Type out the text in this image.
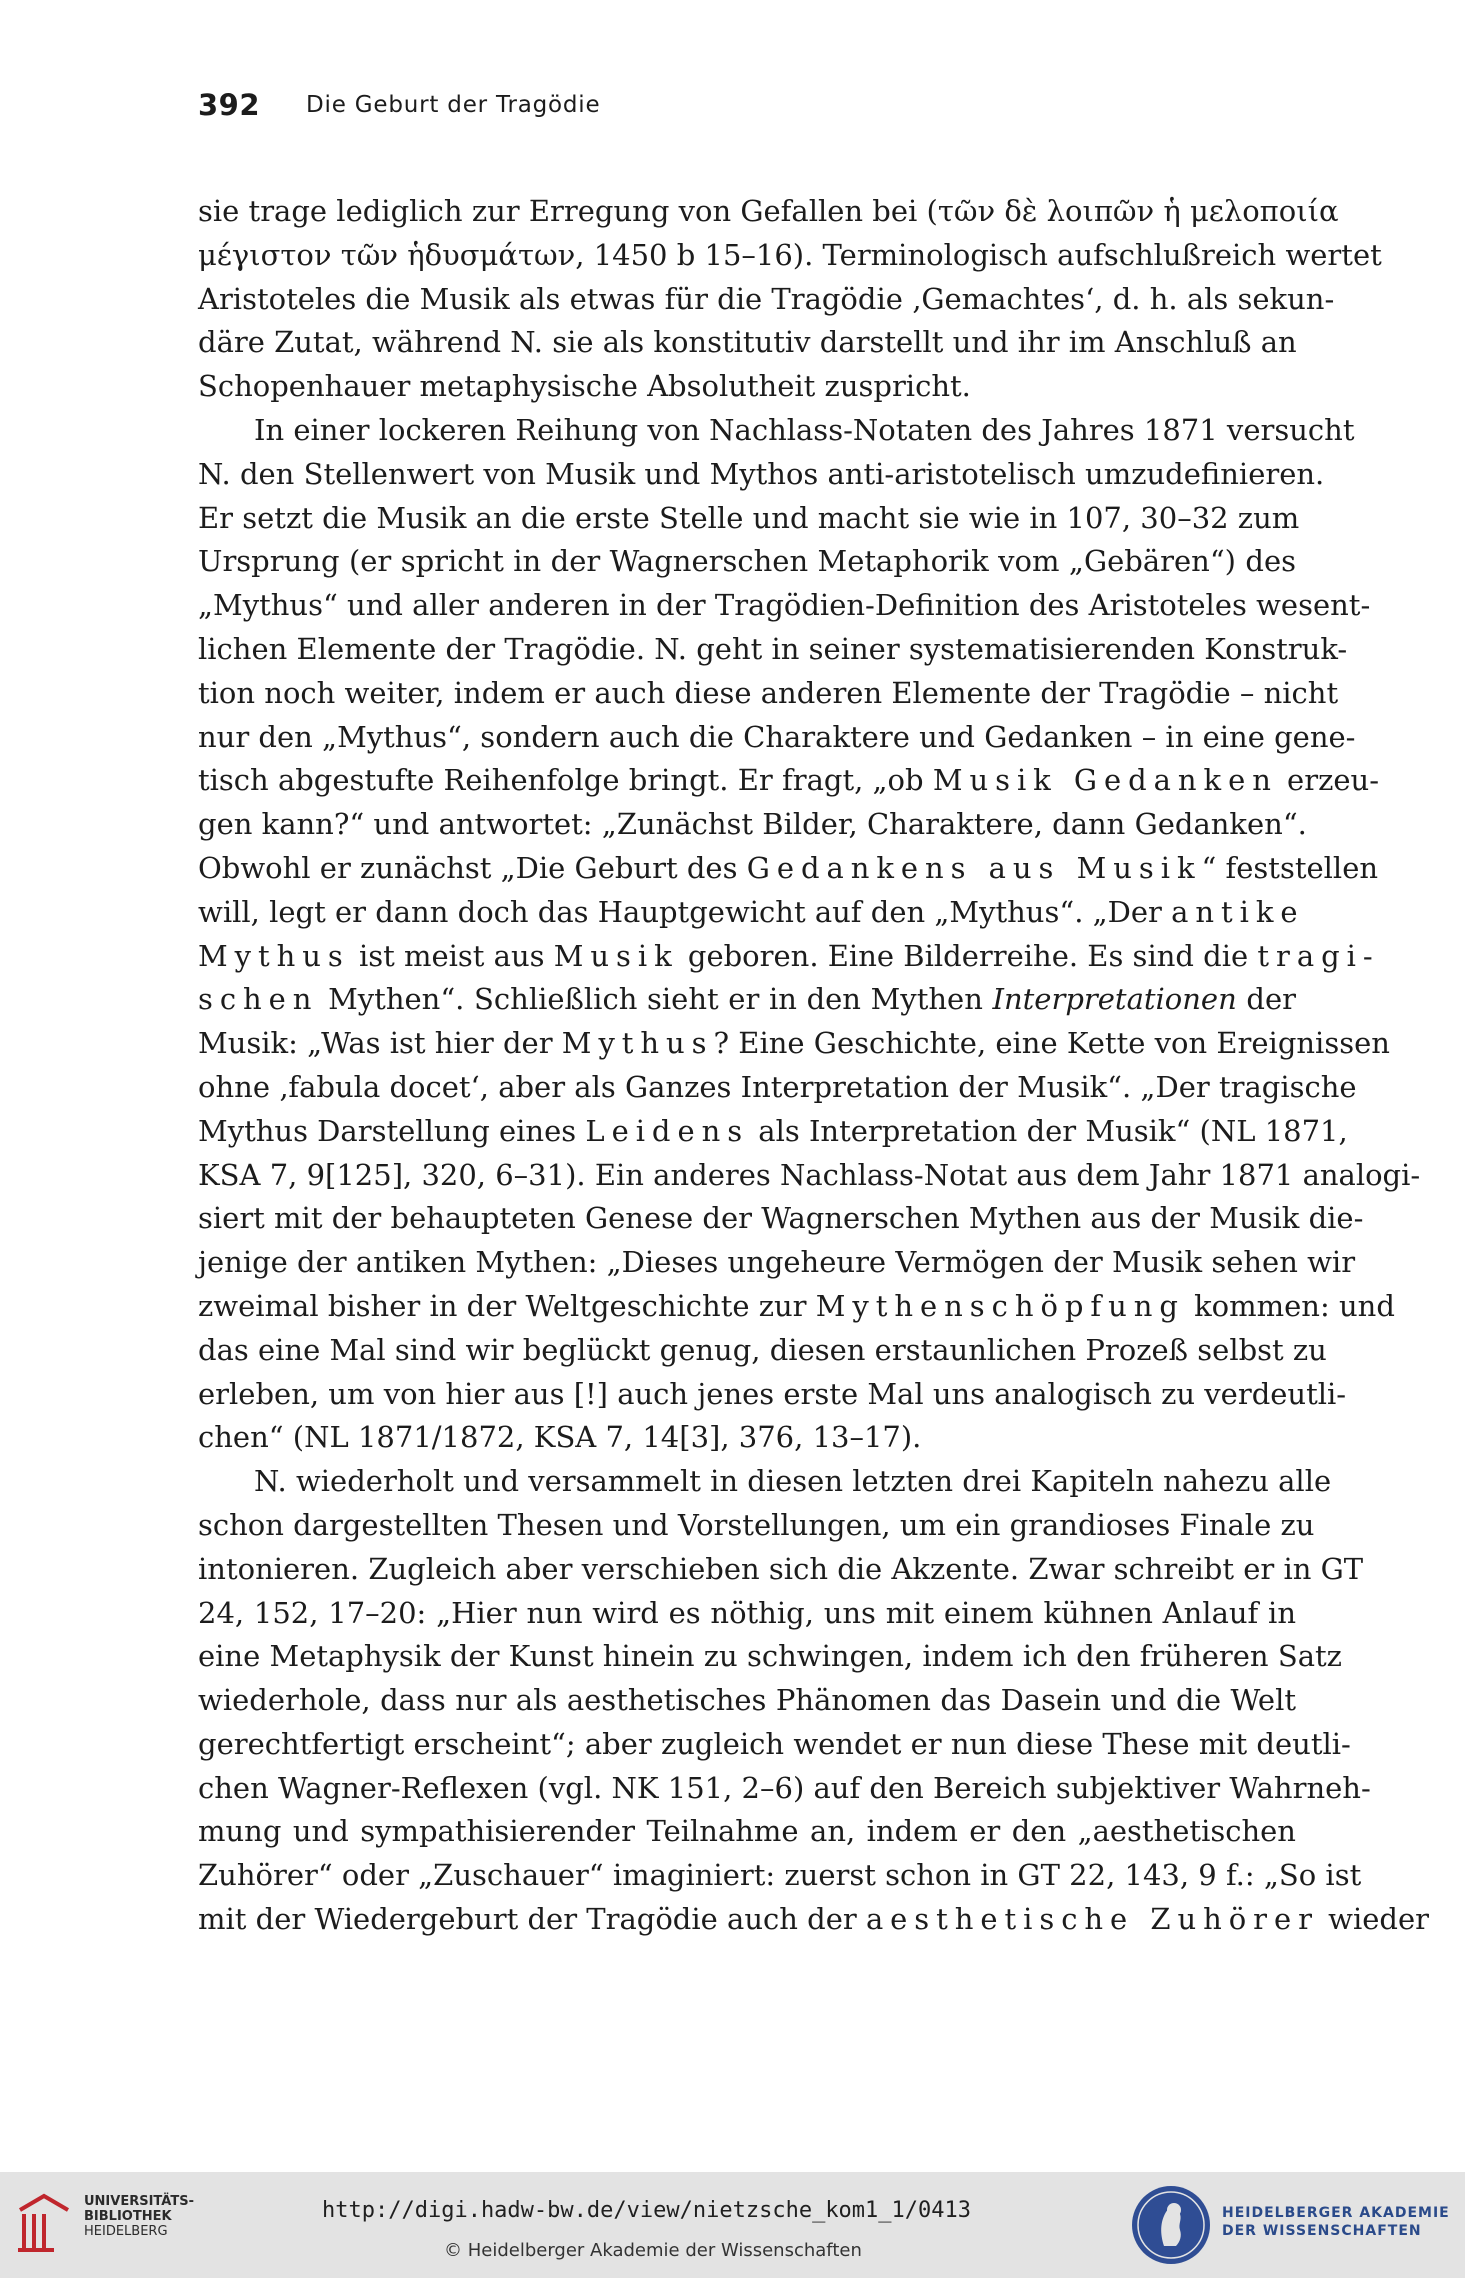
392 Die Geburt der Tragödie
sie trage lediglich zur Erregung von Gefallen bei (τῶν δὲ λοιπῶν ἡ μελοποιία
μέγιστον τῶν ἡδυσμάτων, 1450 b 15–16). Terminologisch aufschlußreich wertet
Aristoteles die Musik als etwas für die Tragödie ‚Gemachtes‘, d. h. als sekun-
däre Zutat, während N. sie als konstitutiv darstellt und ihr im Anschluß an
Schopenhauer metaphysische Absolutheit zuspricht.
In einer lockeren Reihung von Nachlass-Notaten des Jahres 1871 versucht
N. den Stellenwert von Musik und Mythos anti-aristotelisch umzudefinieren.
Er setzt die Musik an die erste Stelle und macht sie wie in 107, 30–32 zum
Ursprung (er spricht in der Wagnerschen Metaphorik vom „Gebären“) des
„Mythus“ und aller anderen in der Tragödien-Definition des Aristoteles wesent-
lichen Elemente der Tragödie. N. geht in seiner systematisierenden Konstruk-
tion noch weiter, indem er auch diese anderen Elemente der Tragödie – nicht
nur den „Mythus“, sondern auch die Charaktere und Gedanken – in eine gene-
tisch abgestufte Reihenfolge bringt. Er fragt, „ob Musik Gedanken erzeu-
gen kann?“ und antwortet: „Zunächst Bilder, Charaktere, dann Gedanken“.
Obwohl er zunächst „Die Geburt des Gedankens aus Musik“ feststellen
will, legt er dann doch das Hauptgewicht auf den „Mythus“. „Der antike
Mythus ist meist aus Musik geboren. Eine Bilderreihe. Es sind die tragi-
schen Mythen“. Schließlich sieht er in den Mythen Interpretationen der
Musik: „Was ist hier der Mythus? Eine Geschichte, eine Kette von Ereignissen
ohne ‚fabula docet‘, aber als Ganzes Interpretation der Musik“. „Der tragische
Mythus Darstellung eines Leidens als Interpretation der Musik“ (NL 1871,
KSA 7, 9[125], 320, 6–31). Ein anderes Nachlass-Notat aus dem Jahr 1871 analogi-
siert mit der behaupteten Genese der Wagnerschen Mythen aus der Musik die-
jenige der antiken Mythen: „Dieses ungeheure Vermögen der Musik sehen wir
zweimal bisher in der Weltgeschichte zur Mythenschöpfung kommen: und
das eine Mal sind wir beglückt genug, diesen erstaunlichen Prozeß selbst zu
erleben, um von hier aus [!] auch jenes erste Mal uns analogisch zu verdeutli-
chen“ (NL 1871/1872, KSA 7, 14[3], 376, 13–17).
N. wiederholt und versammelt in diesen letzten drei Kapiteln nahezu alle
schon dargestellten Thesen und Vorstellungen, um ein grandioses Finale zu
intonieren. Zugleich aber verschieben sich die Akzente. Zwar schreibt er in GT
24, 152, 17–20: „Hier nun wird es nöthig, uns mit einem kühnen Anlauf in
eine Metaphysik der Kunst hinein zu schwingen, indem ich den früheren Satz
wiederhole, dass nur als aesthetisches Phänomen das Dasein und die Welt
gerechtfertigt erscheint“; aber zugleich wendet er nun diese These mit deutli-
chen Wagner-Reflexen (vgl. NK 151, 2–6) auf den Bereich subjektiver Wahrneh-
mung und sympathisierender Teilnahme an, indem er den „aesthetischen
Zuhörer“ oder „Zuschauer“ imaginiert: zuerst schon in GT 22, 143, 9 f.: „So ist
mit der Wiedergeburt der Tragödie auch der aesthetische Zuhörer wieder
UNIVERSITÄTS-
BIBLIOTHEK
HEIDELBERG
http://digi.hadw-bw.de/view/nietzsche_kom1_1/0413
© Heidelberger Akademie der Wissenschaften
HEIDELBERGER AKADEMIE
DER WISSENSCHAFTEN
